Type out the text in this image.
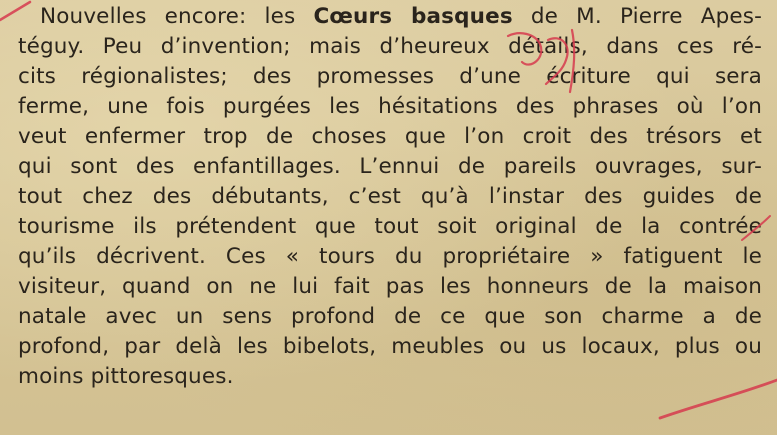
Nouvelles encore: les Cœurs basques de M. Pierre Apes-
téguy. Peu d’invention; mais d’heureux détails, dans ces ré-
cits régionalistes; des promesses d’une écriture qui sera
ferme, une fois purgées les hésitations des phrases où l’on
veut enfermer trop de choses que l’on croit des trésors et
qui sont des enfantillages. L’ennui de pareils ouvrages, sur-
tout chez des débutants, c’est qu’à l’instar des guides de
tourisme ils prétendent que tout soit original de la contrée
qu’ils décrivent. Ces « tours du propriétaire » fatiguent le
visiteur, quand on ne lui fait pas les honneurs de la maison
natale avec un sens profond de ce que son charme a de
profond, par delà les bibelots, meubles ou us locaux, plus ou
moins pittoresques.
